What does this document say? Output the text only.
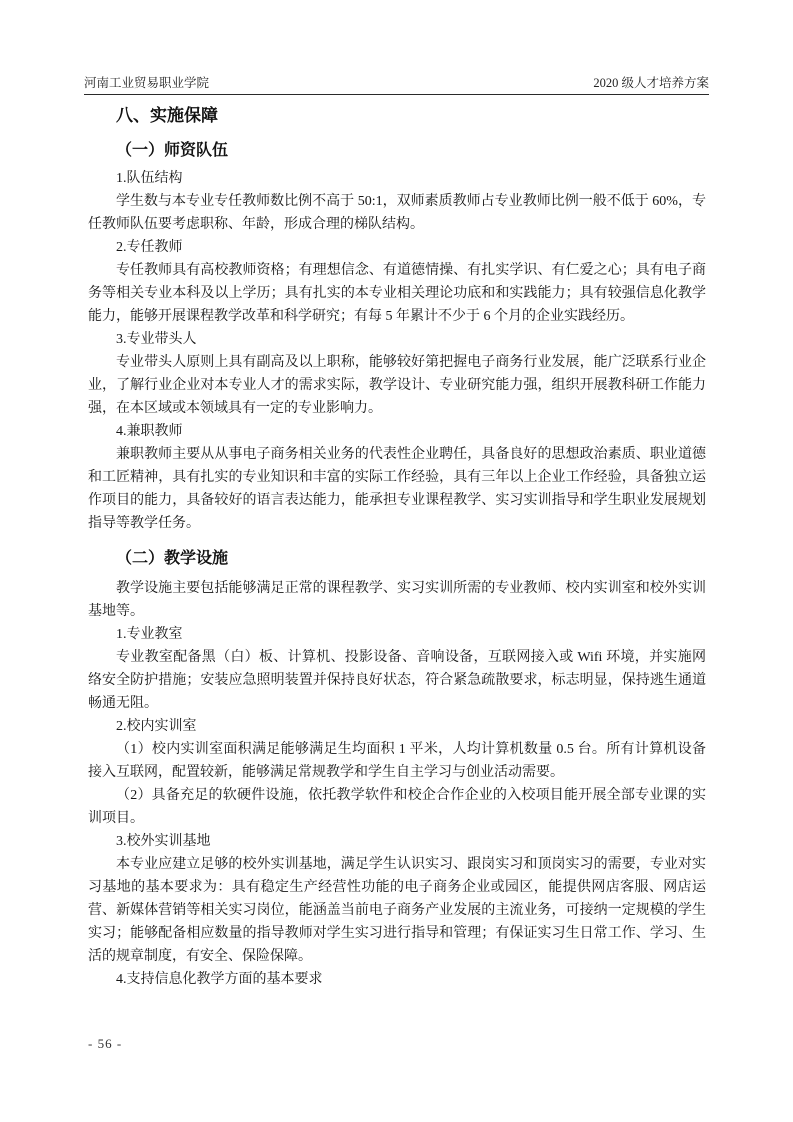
河南工业贸易职业学院	2020 级人才培养方案
八、实施保障
（一）师资队伍

1.队伍结构

学生数与本专业专任教师数比例不高于 50:1，双师素质教师占专业教师比例一般不低于 60%，专任教师队伍要考虑职称、年龄，形成合理的梯队结构。

2.专任教师

专任教师具有高校教师资格；有理想信念、有道德情操、有扎实学识、有仁爱之心；具有电子商务等相关专业本科及以上学历；具有扎实的本专业相关理论功底和和实践能力；具有较强信息化教学能力，能够开展课程教学改革和科学研究；有每 5 年累计不少于 6 个月的企业实践经历。

3.专业带头人

专业带头人原则上具有副高及以上职称，能够较好第把握电子商务行业发展，能广泛联系行业企业，了解行业企业对本专业人才的需求实际，教学设计、专业研究能力强，组织开展教科研工作能力强，在本区域或本领域具有一定的专业影响力。

4.兼职教师

兼职教师主要从从事电子商务相关业务的代表性企业聘任，具备良好的思想政治素质、职业道德和工匠精神，具有扎实的专业知识和丰富的实际工作经验，具有三年以上企业工作经验，具备独立运作项目的能力，具备较好的语言表达能力，能承担专业课程教学、实习实训指导和学生职业发展规划指导等教学任务。

（二）教学设施

教学设施主要包括能够满足正常的课程教学、实习实训所需的专业教师、校内实训室和校外实训基地等。

1.专业教室

专业教室配备黑（白）板、计算机、投影设备、音响设备，互联网接入或 Wifi 环境，并实施网络安全防护措施；安装应急照明装置并保持良好状态，符合紧急疏散要求，标志明显，保持逃生通道畅通无阻。

2.校内实训室

（1）校内实训室面积满足能够满足生均面积 1 平米，人均计算机数量 0.5 台。所有计算机设备接入互联网，配置较新，能够满足常规教学和学生自主学习与创业活动需要。

（2）具备充足的软硬件设施，依托教学软件和校企合作企业的入校项目能开展全部专业课的实训项目。

3.校外实训基地

本专业应建立足够的校外实训基地，满足学生认识实习、跟岗实习和顶岗实习的需要，专业对实习基地的基本要求为：具有稳定生产经营性功能的电子商务企业或园区，能提供网店客服、网店运营、新媒体营销等相关实习岗位，能涵盖当前电子商务产业发展的主流业务，可接纳一定规模的学生实习；能够配备相应数量的指导教师对学生实习进行指导和管理；有保证实习生日常工作、学习、生活的规章制度，有安全、保险保障。

4.支持信息化教学方面的基本要求

- 56 -
